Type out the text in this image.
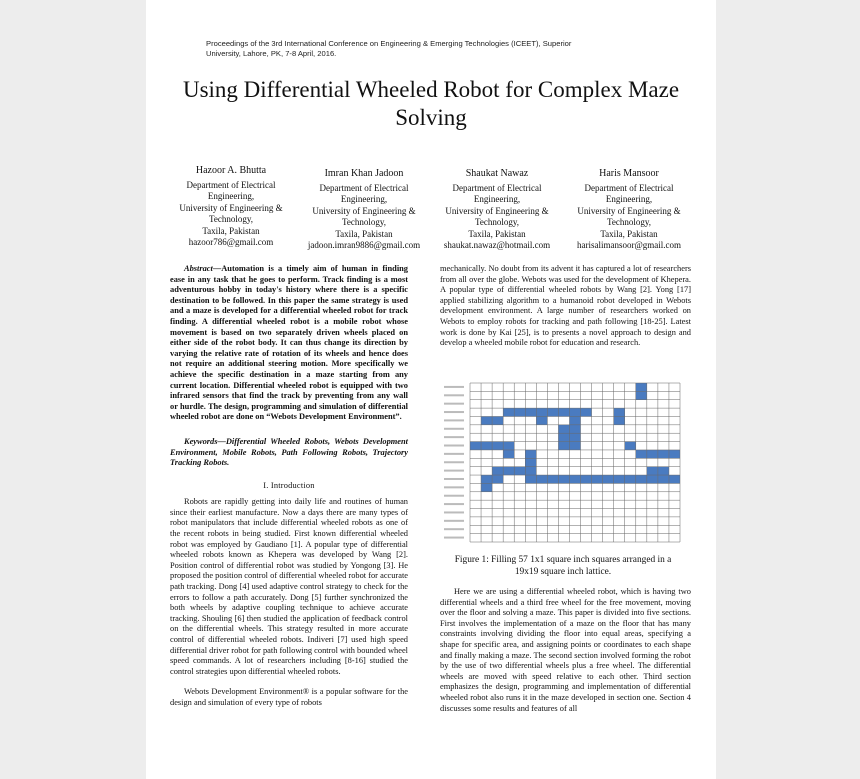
Proceedings of the 3rd International Conference on Engineering & Emerging Technologies (ICEET), Superior
University, Lahore, PK, 7-8 April, 2016.
Using Differential Wheeled Robot for Complex Maze
Solving
Hazoor A. Bhutta
Department of Electrical
Engineering,
University of Engineering &
Technology,
Taxila, Pakistan
hazoor786@gmail.com
Imran Khan Jadoon
Department of Electrical
Engineering,
University of Engineering &
Technology,
Taxila, Pakistan
jadoon.imran9886@gmail.com
Shaukat Nawaz
Department of Electrical
Engineering,
University of Engineering &
Technology,
Taxila, Pakistan
shaukat.nawaz@hotmail.com
Haris Mansoor
Department of Electrical
Engineering,
University of Engineering &
Technology,
Taxila, Pakistan
harisalimansoor@gmail.com

Abstract—Automation is a timely aim of human in finding ease in any task that he goes to perform. Track finding is a most adventurous hobby in today's history where there is a specific destination to be followed. In this paper the same strategy is used and a maze is developed for a differential wheeled robot for track finding. A differential wheeled robot is a mobile robot whose movement is based on two separately driven wheels placed on either side of the robot body. It can thus change its direction by varying the relative rate of rotation of its wheels and hence does not require an additional steering motion. More specifically we achieve the specific destination in a maze starting from any current location. Differential wheeled robot is equipped with two infrared sensors that find the track by preventing from any wall or hurdle. The design, programming and simulation of differential wheeled robot are done on “Webots Development Environment”.

Keywords—Differential Wheeled Robots, Webots Development Environment, Mobile Robots, Path Following Robots, Trajectory Tracking Robots.

I. Introduction

Robots are rapidly getting into daily life and routines of human since their earliest manufacture. Now a days there are many types of robot manipulators that include differential wheeled robots as one of the recent robots in being studied. First known differential wheeled robot was employed by Gaudiano [1]. A popular type of differential wheeled robots known as Khepera was developed by Wang [2]. Position control of differential robot was studied by Yongong [3]. He proposed the position control of differential wheeled robot for accurate path tracking. Dong [4] used adaptive control strategy to check for the errors to follow a path accurately. Dong [5] further synchronized the both wheels by adaptive coupling technique to achieve accurate tracking. Shouling [6] then studied the application of feedback control on the differential wheels. This strategy resulted in more accurate control of differential wheeled robots. Indiveri [7] used high speed differential driver robot for path following control with bounded wheel speed commands. A lot of researchers including [8-16] studied the control strategies upon differential wheeled robots.

Webots Development Environment® is a popular software for the design and simulation of every type of robots

mechanically. No doubt from its advent it has captured a lot of researchers from all over the globe. Webots was used for the development of Khepera. A popular type of differential wheeled robots by Wang [2]. Yong [17] applied stabilizing algorithm to a humanoid robot developed in Webots development environment. A large number of researchers worked on Webots to employ robots for tracking and path following [18-25]. Latest work is done by Kai [25], is to presents a novel approach to design and develop a wheeled mobile robot for education and research.

Figure 1: Filling 57 1x1 square inch squares arranged in a
19x19 square inch lattice.

Here we are using a differential wheeled robot, which is having two differential wheels and a third free wheel for the free movement, moving over the floor and solving a maze. This paper is divided into five sections. First involves the implementation of a maze on the floor that has many constraints involving dividing the floor into equal areas, specifying a shape for specific area, and assigning points or coordinates to each shape and finally making a maze. The second section involved forming the robot by the use of two differential wheels plus a free wheel. The differential wheels are moved with speed relative to each other. Third section emphasizes the design, programming and implementation of differential wheeled robot also runs it in the maze developed in section one. Section 4 discusses some results and features of all
